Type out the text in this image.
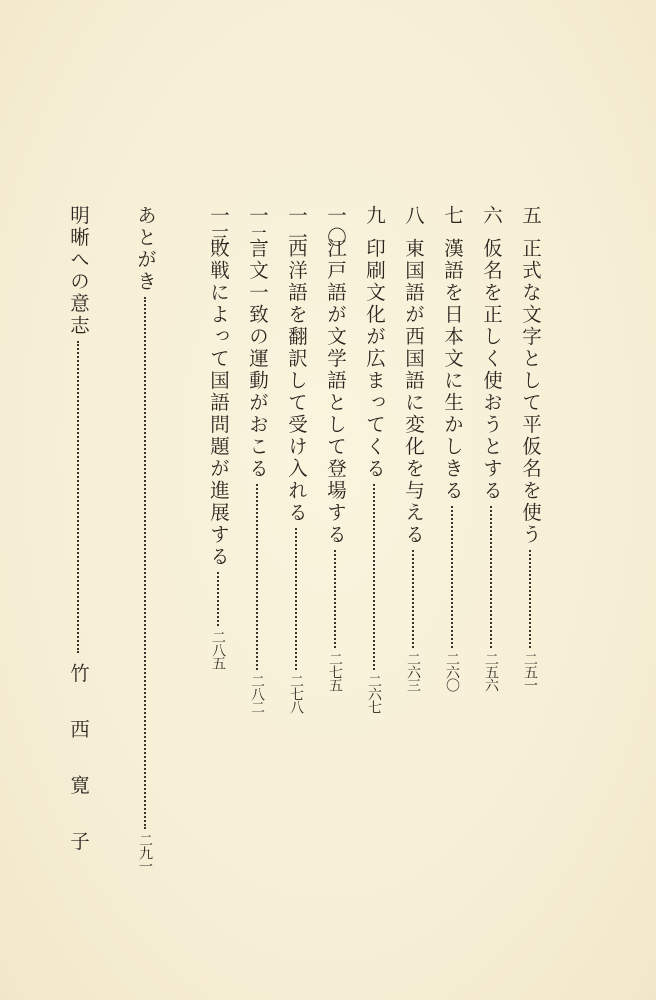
五
正式な文字として平仮名を使う
二五一
六
仮名を正しく使おうとする
二五六
七
漢語を日本文に生かしきる
二六〇
八
東国語が西国語に変化を与える
二六三
九
印刷文化が広まってくる
二六七
一〇
江戸語が文学語として登場する
二七五
一一
西洋語を翻訳して受け入れる
二七八
一二
言文一致の運動がおこる
二八二
一三
敗戦によって国語問題が進展する
二八五
あとがき
二九一
明晰への意志
竹
西
寛
子
